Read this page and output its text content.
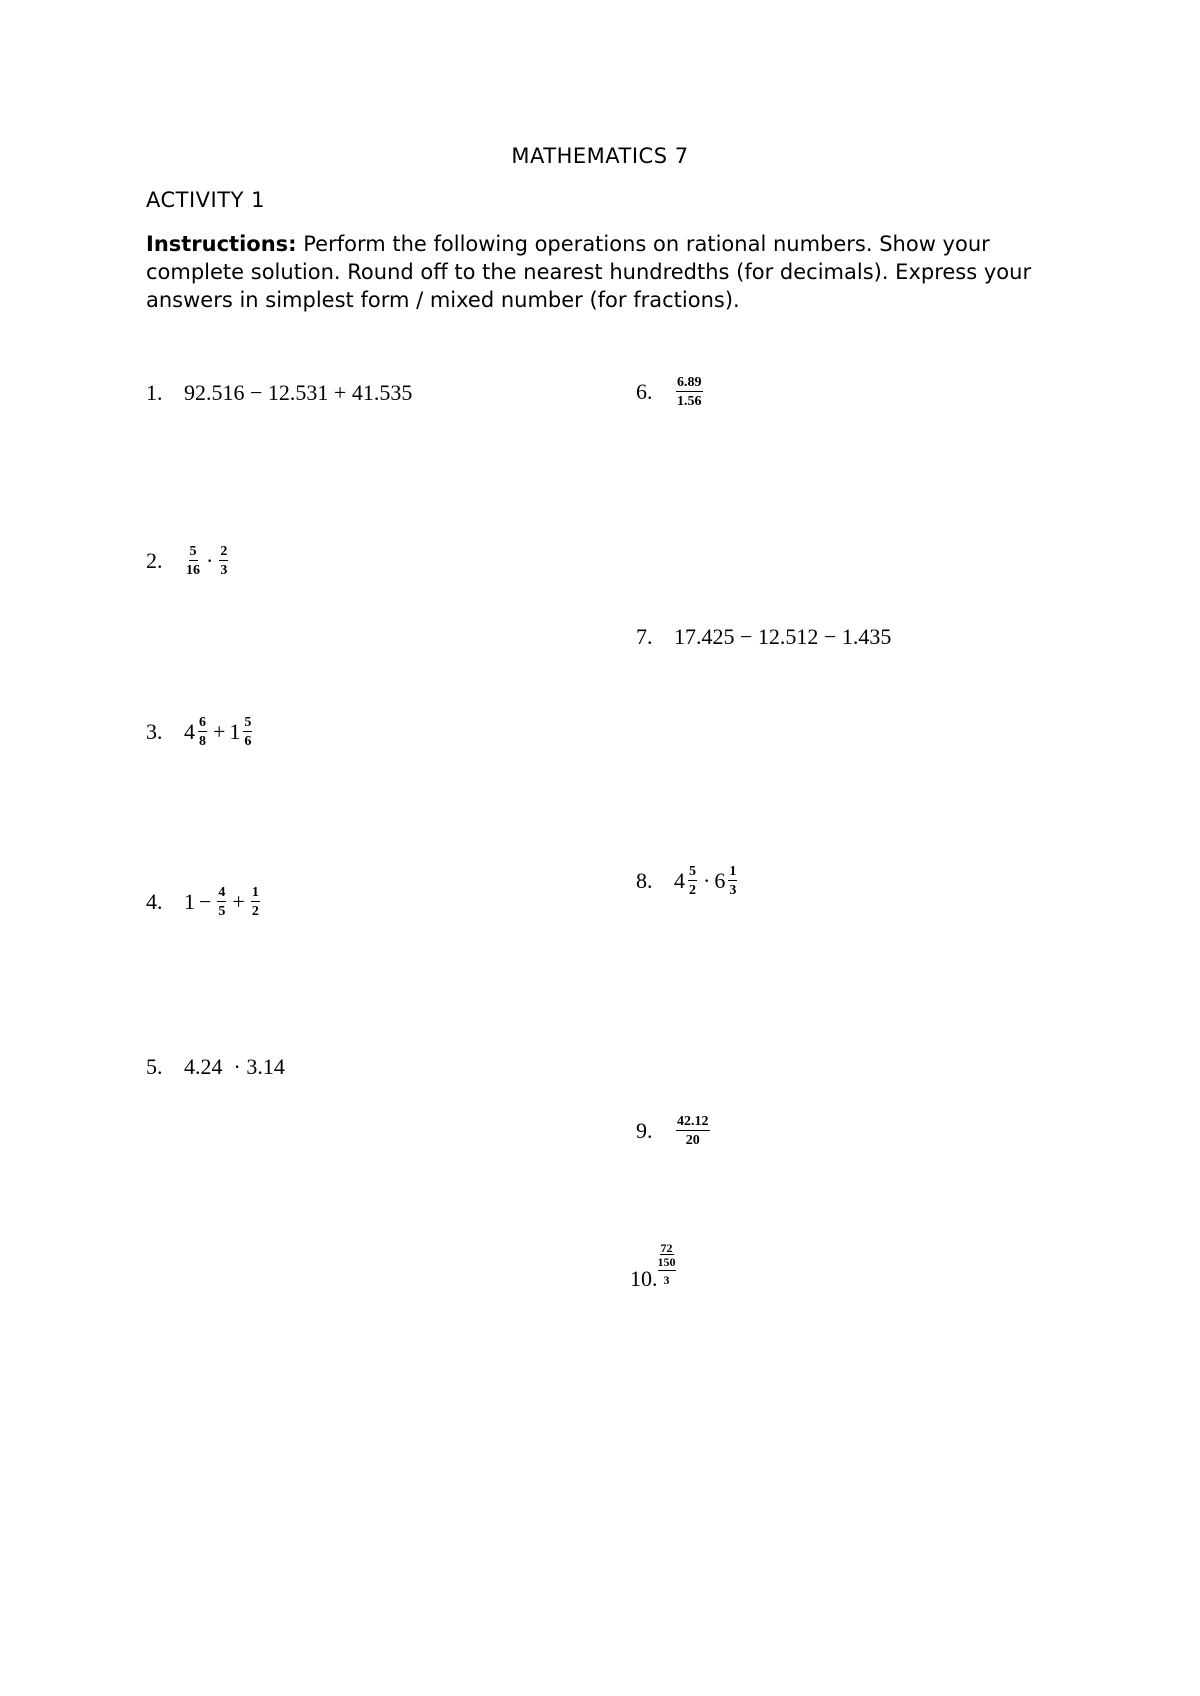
MATHEMATICS 7
ACTIVITY 1
Instructions: Perform the following operations on rational numbers. Show your complete solution. Round off to the nearest hundredths (for decimals). Express your answers in simplest form / mixed number (for fractions).
1. 92.516 − 12.531 + 41.535
2.	$\frac{5}{16} \cdot \frac{2}{3}$
3. $4 \frac{6}{8} + 1 \frac{5}{6}$
4. $1 - \frac{4}{5} + \frac{1}{2}$
5. 4.24  · 3.14
6.	$\frac{6.89}{1.56}$
7. 17.425 − 12.512 − 1.435
8. $4 \frac{5}{2} \cdot 6 \frac{1}{3}$
9.	$\frac{42.12}{20}$
10.
$\frac{72}{150}$
3
